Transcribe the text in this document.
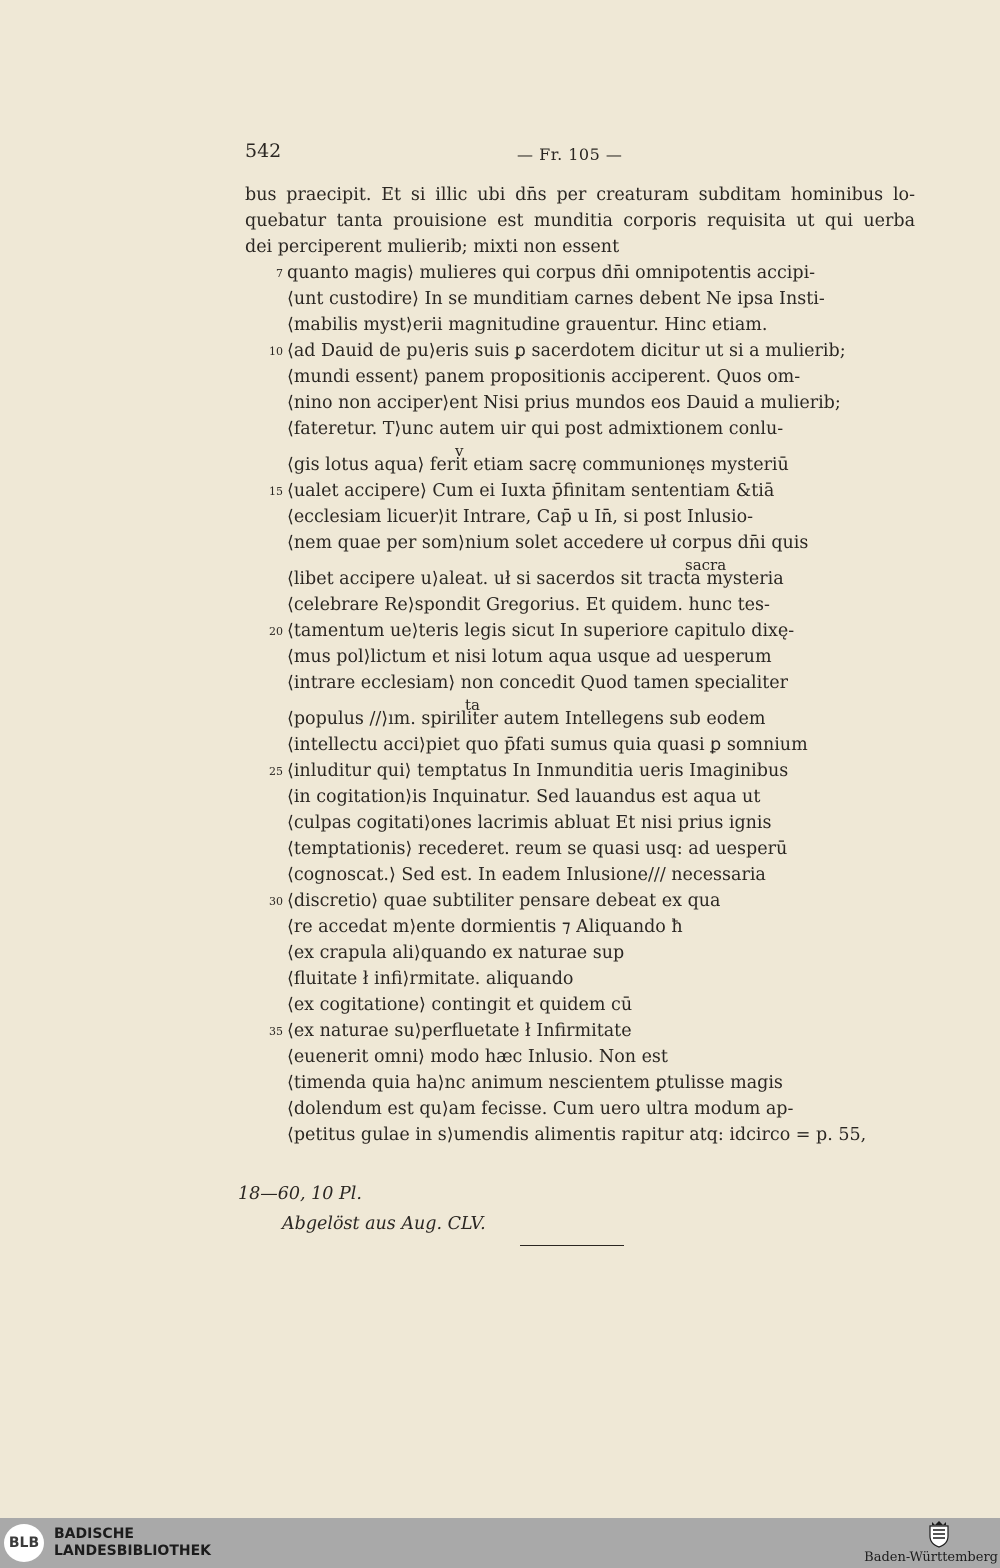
542	— Fr. 105 —
bus praecipit. Et si illic ubi dn̄s per creaturam subditam hominibus lo-
quebatur tanta prouisione est munditia corporis requisita ut qui uerba
dei perciperent mulierib; mixti non essent
7 quanto magis⟩ mulieres qui corpus dn̄i omnipotentis accipi-
⟨unt custodire⟩ In se munditiam carnes debent Ne ipsa Insti-
⟨mabilis myst⟩erii magnitudine grauentur. Hinc etiam.
10 ⟨ad Dauid de pu⟩eris suis ꝑ sacerdotem dicitur ut si a mulierib;
⟨mundi essent⟩ panem propositionis acciperent. Quos om-
⟨nino non acciper⟩ent Nisi prius mundos eos Dauid a mulierib;
⟨fateretur. T⟩unc autem uir qui post admixtionem conlu-
v
⟨gis lotus aqua⟩ ferit etiam sacrę communionęs mysteriū
15 ⟨ualet accipere⟩ Cum ei Iuxta p̄finitam sententiam &tiā
⟨ecclesiam licuer⟩it Intrare, Cap̄ u In̄, si post Inlusio-
⟨nem quae per som⟩nium solet accedere uł corpus dn̄i quis
sacra
⟨libet accipere u⟩aleat. uł si sacerdos sit tracta mysteria
⟨celebrare Re⟩spondit Gregorius. Et quidem. hunc tes-
20 ⟨tamentum ue⟩teris legis sicut In superiore capitulo dixę-
⟨mus pol⟩lictum et nisi lotum aqua usque ad uesperum
⟨intrare ecclesiam⟩ non concedit Quod tamen specialiter
ta
⟨populus //⟩ım. spiriliter autem Intellegens sub eodem
⟨intellectu acci⟩piet quo p̄fati sumus quia quasi ꝑ somnium
25 ⟨inluditur qui⟩ temptatus In Inmunditia ueris Imaginibus
⟨in cogitation⟩is Inquinatur. Sed lauandus est aqua ut
⟨culpas cogitati⟩ones lacrimis abluat Et nisi prius ignis
⟨temptationis⟩ recederet. reum se quasi usq: ad uesperū
⟨cognoscat.⟩ Sed est. In eadem Inlusione/// necessaria
30 ⟨discretio⟩ quae subtiliter pensare debeat ex qua
⟨re accedat m⟩ente dormientis ⁊ Aliquando ħ
⟨ex crapula ali⟩quando ex naturae sup
⟨fluitate ł infi⟩rmitate. aliquando
⟨ex cogitatione⟩ contingit et quidem cū
35 ⟨ex naturae su⟩perfluetate ł Infirmitate
⟨euenerit omni⟩ modo hæc Inlusio. Non est
⟨timenda quia ha⟩nc animum nescientem ꝑtulisse magis
⟨dolendum est qu⟩am fecisse. Cum uero ultra modum ap-
⟨petitus gulae in s⟩umendis alimentis rapitur atq: idcirco = p. 55,
18—60, 10 Pl.
Abgelöst aus Aug. CLV.
BLB
BADISCHE
LANDESBIBLIOTHEK	Baden-Württemberg
